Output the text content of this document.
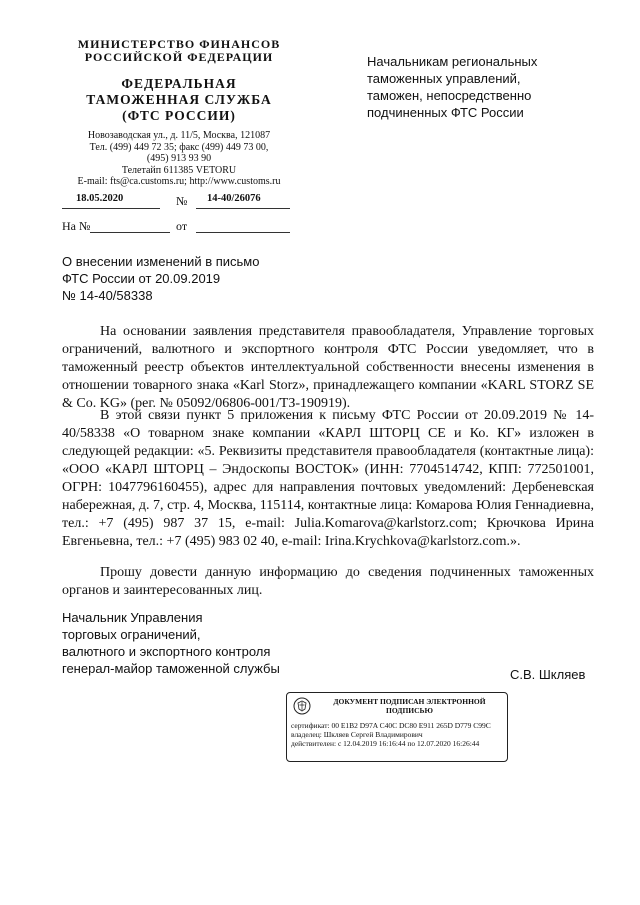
МИНИСТЕРСТВО ФИНАНСОВ
РОССИЙСКОЙ ФЕДЕРАЦИИ
ФЕДЕРАЛЬНАЯ
ТАМОЖЕННАЯ СЛУЖБА
(ФТС РОССИИ)
Новозаводская ул., д. 11/5, Москва, 121087
Тел. (499) 449 72 35; факс (499) 449 73 00,
(495) 913 93 90
Телетайп 611385 VETORU
E-mail: fts@ca.customs.ru; http://www.customs.ru
18.05.2020	№ 14-40/26076
На №	от
Начальникам региональных
таможенных управлений,
таможен, непосредственно
подчиненных ФТС России
О внесении изменений в письмо
ФТС России от 20.09.2019
№ 14-40/58338
На основании заявления представителя правообладателя, Управление торговых ограничений, валютного и экспортного контроля ФТС России уведомляет, что в таможенный реестр объектов интеллектуальной собственности внесены изменения в отношении товарного знака «Karl Storz», принадлежащего компании «KARL STORZ SE & Co. KG» (рег. № 05092/06806-001/ТЗ-190919).
В этой связи пункт 5 приложения к письму ФТС России от 20.09.2019 № 14-40/58338 «О товарном знаке компании «КАРЛ ШТОРЦ СЕ и Ко. КГ» изложен в следующей редакции: «5. Реквизиты представителя правообладателя (контактные лица): «ООО «КАРЛ ШТОРЦ – Эндоскопы ВОСТОК» (ИНН: 7704514742, КПП: 772501001, ОГРН: 1047796160455), адрес для направления почтовых уведомлений: Дербеневская набережная, д. 7, стр. 4, Москва, 115114, контактные лица: Комарова Юлия Геннадиевна, тел.: +7 (495) 987 37 15, e-mail: Julia.Komarova@karlstorz.com; Крючкова Ирина Евгеньевна, тел.: +7 (495) 983 02 40, e-mail: Irina.Krychkova@karlstorz.com.».
Прошу довести данную информацию до сведения подчиненных таможенных органов и заинтересованных лиц.
Начальник Управления
торговых ограничений,
валютного и экспортного контроля
генерал-майор таможенной службы	С.В. Шкляев
ДОКУМЕНТ ПОДПИСАН ЭЛЕКТРОННОЙ
ПОДПИСЬЮ
сертификат: 00 E1B2 D97A C40C DC80 E911 265D D779 C99C
владелец: Шкляев Сергей Владимирович
действителен: с 12.04.2019 16:16:44 по 12.07.2020 16:26:44
